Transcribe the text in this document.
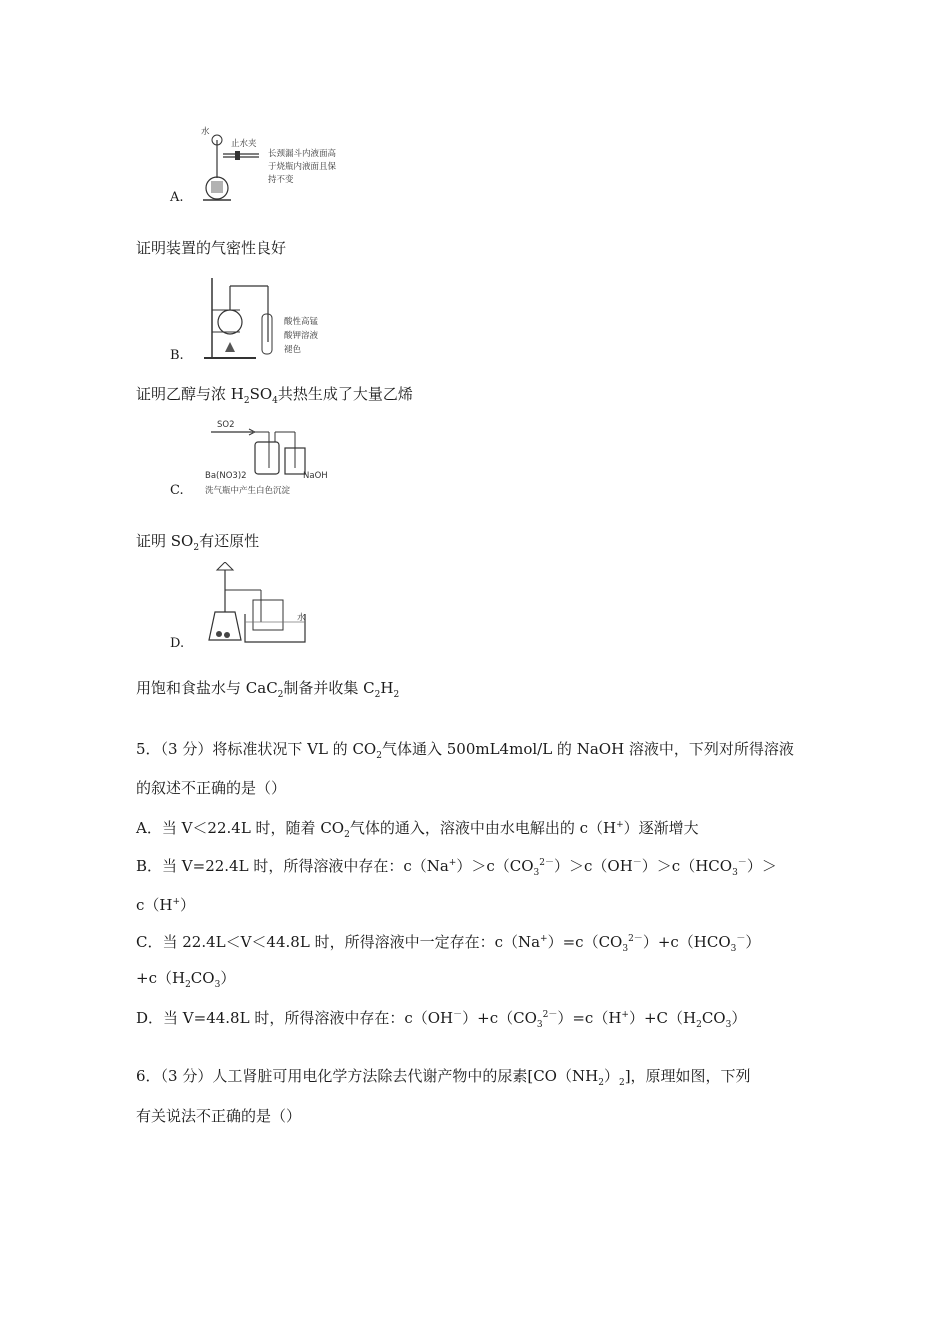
水
止水夹
长颈漏斗内液面高
于烧瓶内液面且保
持不变
A.
证明装置的气密性良好
酸性高锰
酸钾溶液
褪色
B.
证明乙醇与浓 $H_2SO_4$共热生成了大量乙烯
SO2
Ba(NO3)2	NaOH
洗气瓶中产生白色沉淀
C.
证明 $SO_2$有还原性
水
D.
用饱和食盐水与 CaC$_2$制备并收集 $C_2H_2$
5．（3 分）将标准状况下 VL 的 $CO_2$气体通入 500mL4mol/L 的 NaOH 溶液中，下列对所得溶液
的叙述不正确的是（）
A．当 V＜22.4L 时，随着 $CO_2$气体的通入，溶液中由水电解出的 c（H+）逐渐增大
B．当 V=22.4L 时，所得溶液中存在：$c(Na^+)>c(CO_3^{2-})>c(OH^-)>c(HCO_3^-)>$
c（H+）
C．当 22.4L＜V＜44.8L 时，所得溶液中一定存在：$c(Na^+)=c(CO_3^{2-})+c(HCO_3^-)$
$+c(H_2CO_3)$
D．当 V=44.8L 时，所得溶液中存在：$c(OH^-)+c(CO_3^{2-})=c(H^+)+C(H_2CO_3)$
6．（3 分）人工肾脏可用电化学方法除去代谢产物中的尿素$[CO(NH_2)_2]$，原理如图，下列
有关说法不正确的是（）
